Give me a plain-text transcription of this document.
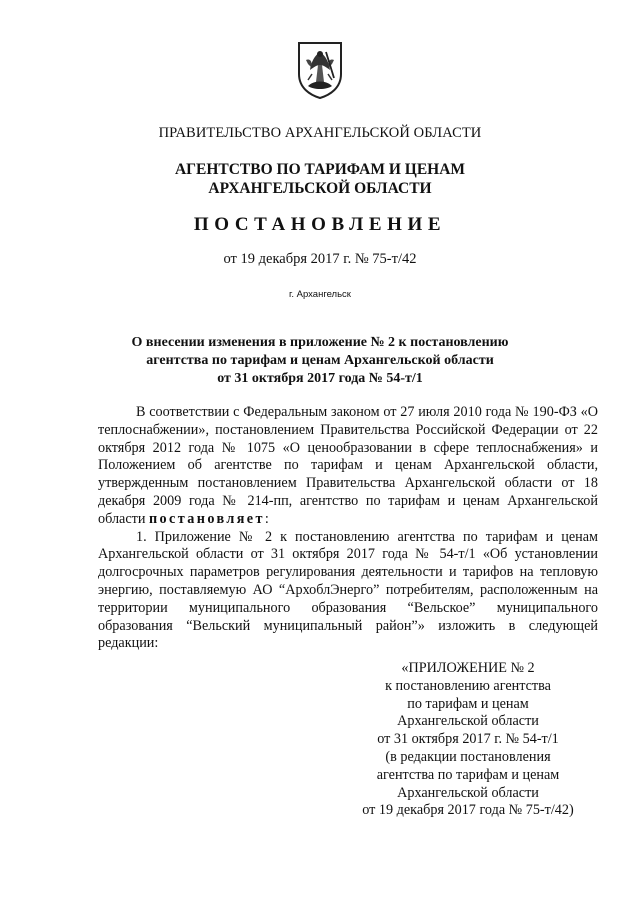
ПРАВИТЕЛЬСТВО АРХАНГЕЛЬСКОЙ ОБЛАСТИ
АГЕНТСТВО ПО ТАРИФАМ И ЦЕНАМ
АРХАНГЕЛЬСКОЙ ОБЛАСТИ
ПОСТАНОВЛЕНИЕ
от 19 декабря 2017 г. № 75-т/42
г. Архангельск
О внесении изменения в приложение № 2 к постановлению
агентства по тарифам и ценам Архангельской области
от 31 октября 2017 года № 54-т/1

В соответствии с Федеральным законом от 27 июля 2010 года № 190-ФЗ «О теплоснабжении», постановлением Правительства Российской Федерации от 22 октября 2012 года № 1075 «О ценообразовании в сфере теплоснабжения» и Положением об агентстве по тарифам и ценам Архангельской области, утвержденным постановлением Правительства Архангельской области от 18 декабря 2009 года № 214-пп, агентство по тарифам и ценам Архангельской области постановляет:

1. Приложение № 2 к постановлению агентства по тарифам и ценам Архангельской области от 31 октября 2017 года № 54-т/1 «Об установлении долгосрочных параметров регулирования деятельности и тарифов на тепловую энергию, поставляемую АО “АрхоблЭнерго” потребителям, расположенным на территории муниципального образования “Вельское” муниципального образования “Вельский муниципальный район”» изложить в следующей редакции:

«ПРИЛОЖЕНИЕ № 2
к постановлению агентства
по тарифам и ценам
Архангельской области
от 31 октября 2017 г. № 54-т/1
(в редакции постановления
агентства по тарифам и ценам
Архангельской области
от 19 декабря 2017 года № 75-т/42)
